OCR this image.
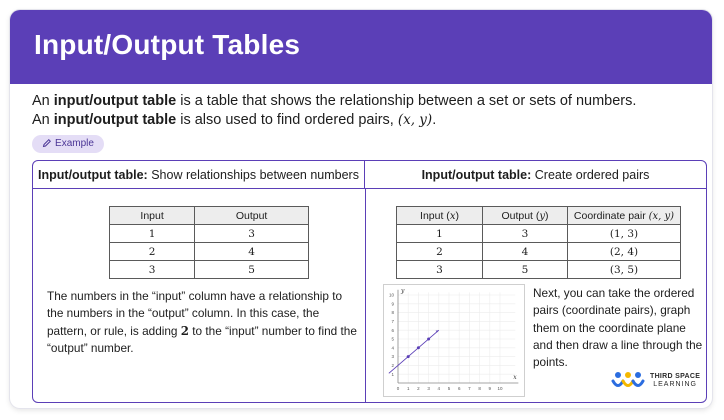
Input/Output Tables
An input/output table is a table that shows the relationship between a set or sets of numbers.
An input/output table is also used to find ordered pairs, (x, y).
Example
Input/output table: Show relationships between numbers	Input/output table: Create ordered pairs
Input	Output
1	3
2	4
3	5
Input (x)	Output (y)	Coordinate pair (x, y)
1	3	(1, 3)
2	4	(2, 4)
3	5	(3, 5)
The numbers in the “input” column have a relationship to the numbers in the “output” column. In this case, the pattern, or rule, is adding 2 to the “input” number to find the “output” number.
0 1 2 3 4 5 6 7 8 9 10
1
2
3
4
5
6
7
8
9
10
x
y	Next, you can take the ordered pairs (coordinate pairs), graph them on the coordinate plane and then draw a line through the points.
THIRD SPACE
LEARNING
